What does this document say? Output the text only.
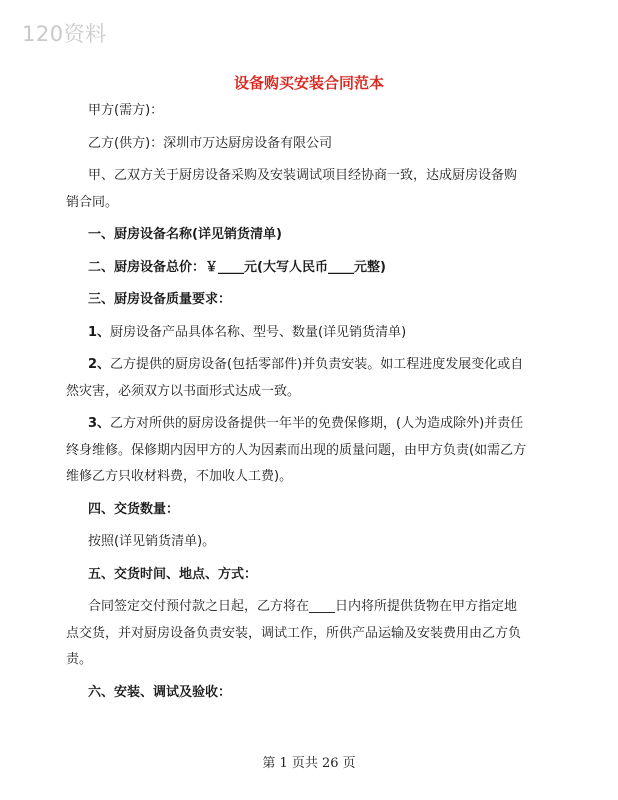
120资料
设备购买安装合同范本

甲方(需方)：

乙方(供方)：深圳市万达厨房设备有限公司

甲、乙双方关于厨房设备采购及安装调试项目经协商一致，达成厨房设备购
销合同。

一、厨房设备名称(详见销货清单)

二、厨房设备总价：￥____元(大写人民币____元整)

三、厨房设备质量要求：

1、厨房设备产品具体名称、型号、数量(详见销货清单)

2、乙方提供的厨房设备(包括零部件)并负责安装。如工程进度发展变化或自
然灾害，必须双方以书面形式达成一致。

3、乙方对所供的厨房设备提供一年半的免费保修期，(人为造成除外)并责任
终身维修。保修期内因甲方的人为因素而出现的质量问题，由甲方负责(如需乙方
维修乙方只收材料费，不加收人工费)。

四、交货数量：

按照(详见销货清单)。

五、交货时间、地点、方式：

合同签定交付预付款之日起，乙方将在____日内将所提供货物在甲方指定地
点交货，并对厨房设备负责安装，调试工作，所供产品运输及安装费用由乙方负
责。

六、安装、调试及验收：

第 1 页共 26 页
